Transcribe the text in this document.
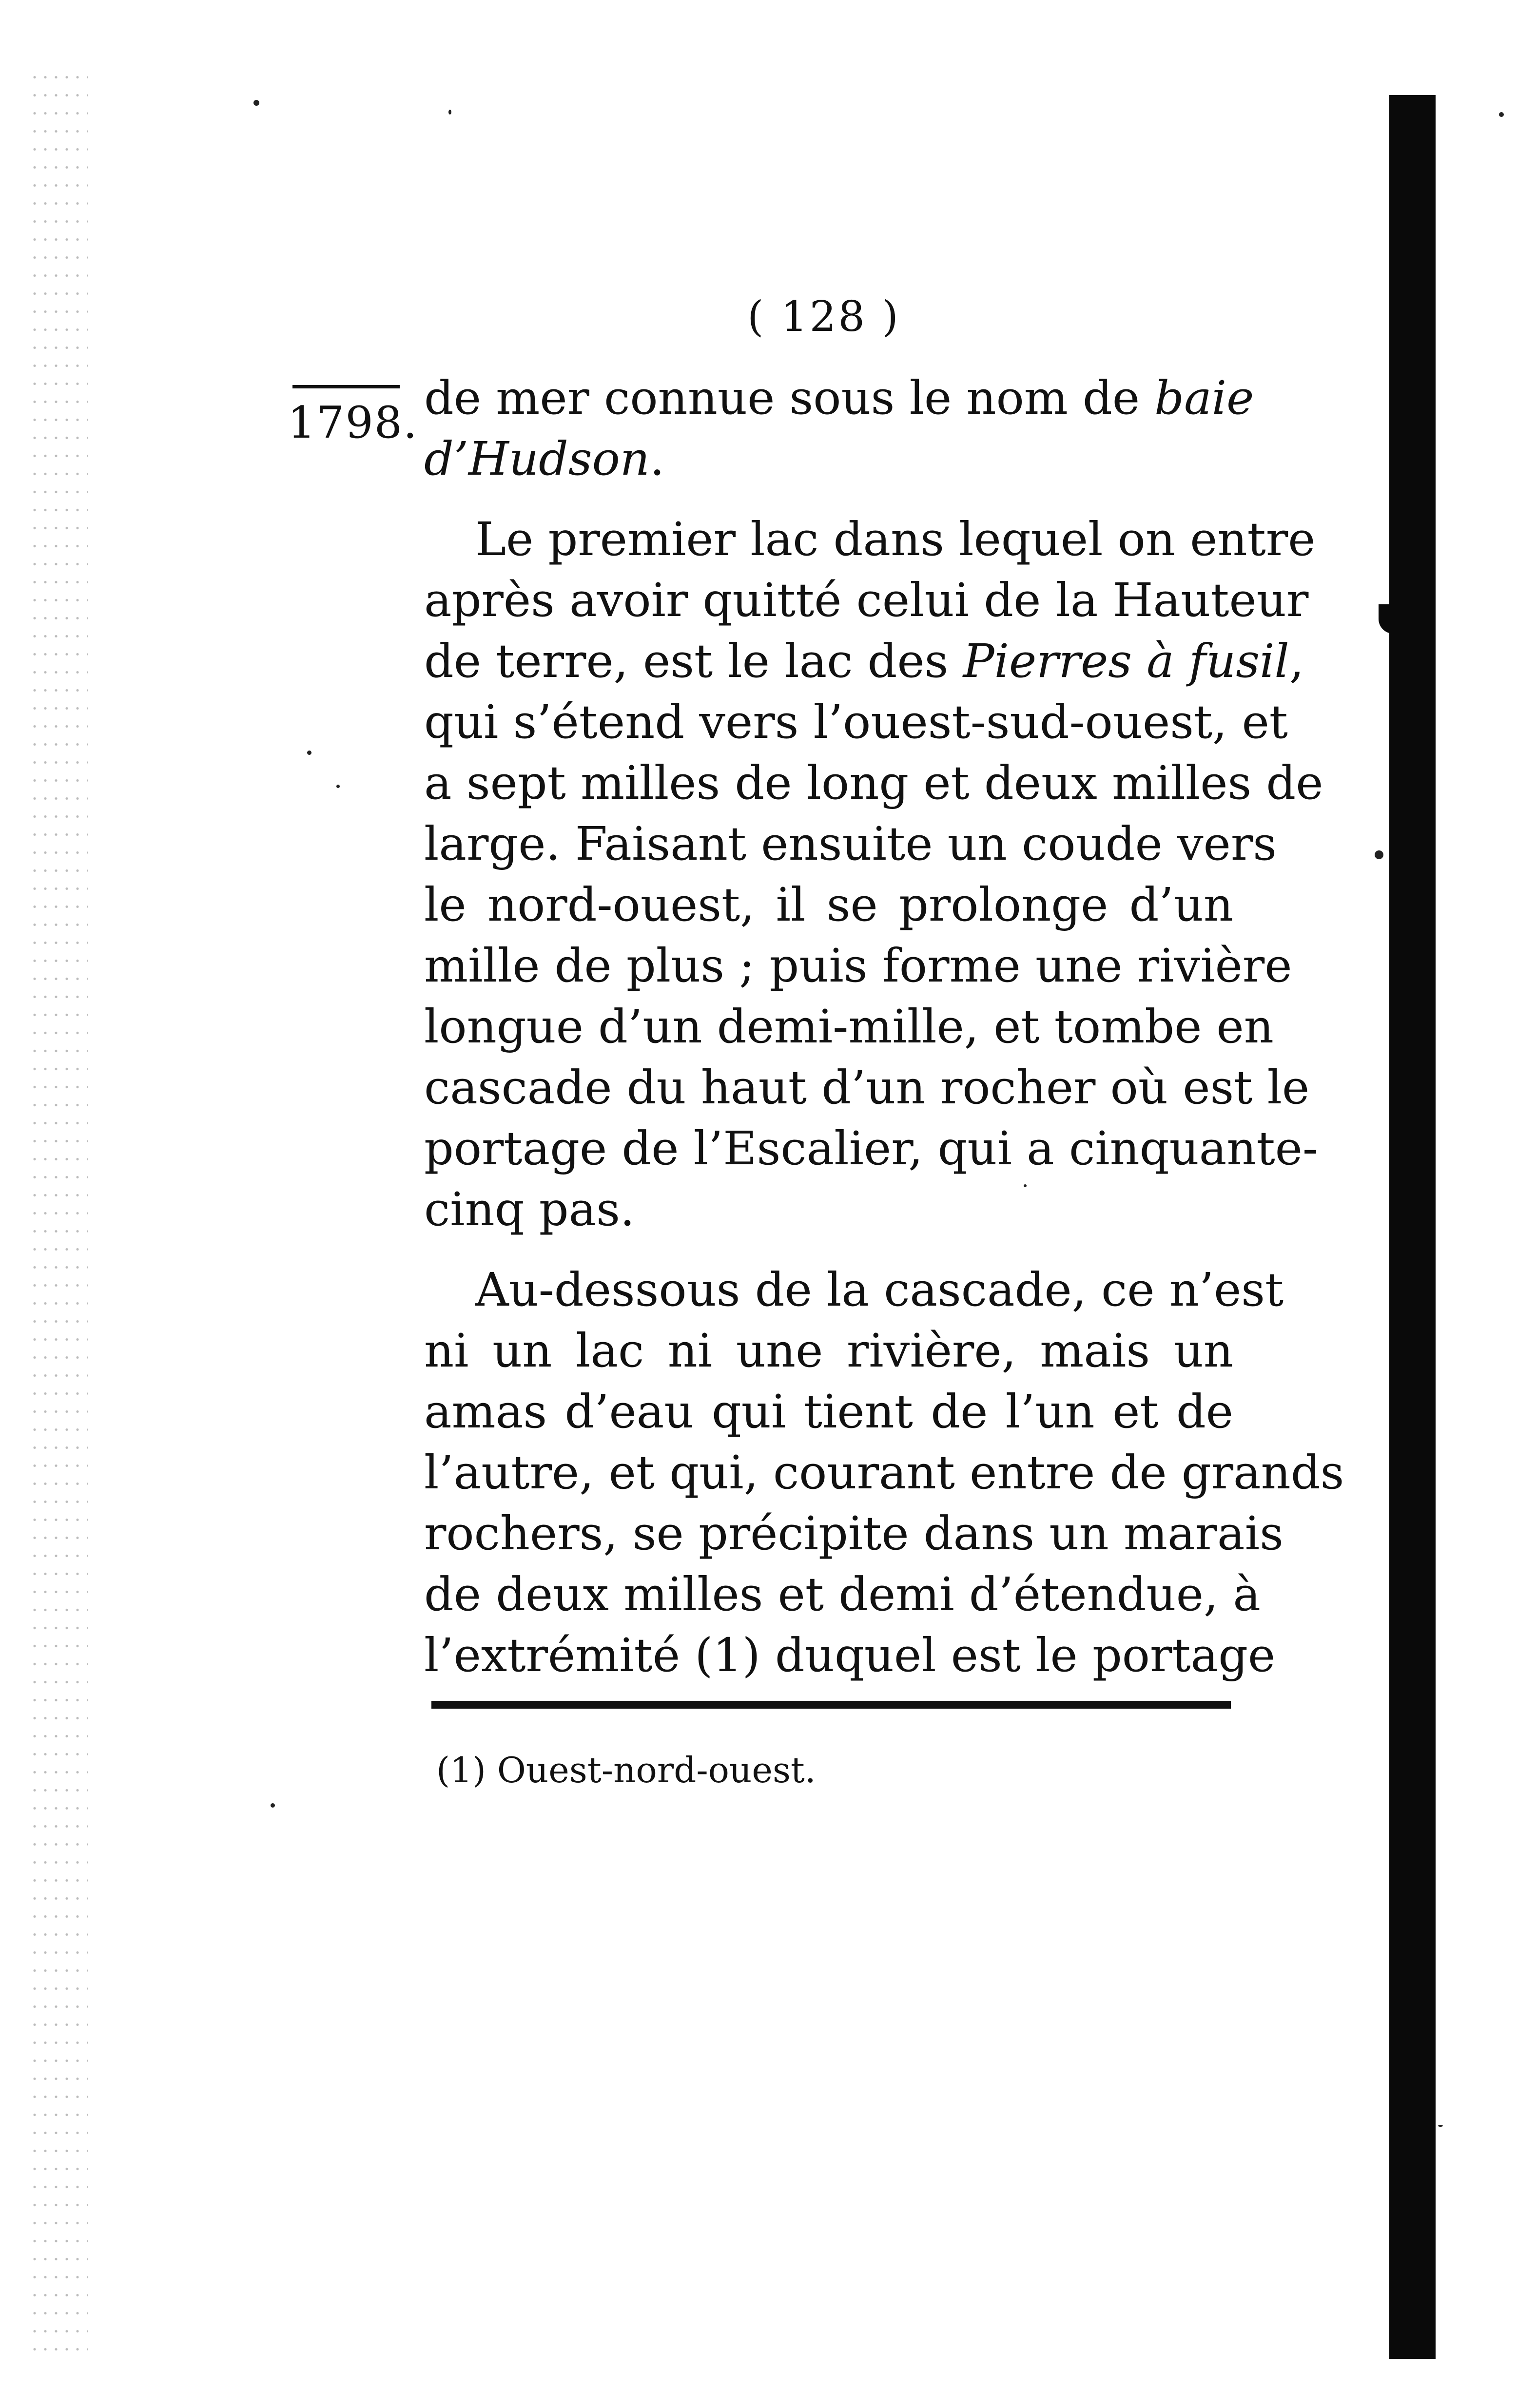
( 128 )
1798. de mer connue sous le nom de baie
d’Hudson.
Le premier lac dans lequel on entre
après avoir quitté celui de la Hauteur
de terre, est le lac des Pierres à fusil,
qui s’étend vers l’ouest-sud-ouest, et
a sept milles de long et deux milles de
large. Faisant ensuite un coude vers
le nord-ouest, il se prolonge d’un
mille de plus ; puis forme une rivière
longue d’un demi-mille, et tombe en
cascade du haut d’un rocher où est le
portage de l’Escalier, qui a cinquante-
cinq pas.
Au-dessous de la cascade, ce n’est
ni un lac ni une rivière, mais un
amas d’eau qui tient de l’un et de
l’autre, et qui, courant entre de grands
rochers, se précipite dans un marais
de deux milles et demi d’étendue, à
l’extrémité (1) duquel est le portage
(1) Ouest-nord-ouest.
